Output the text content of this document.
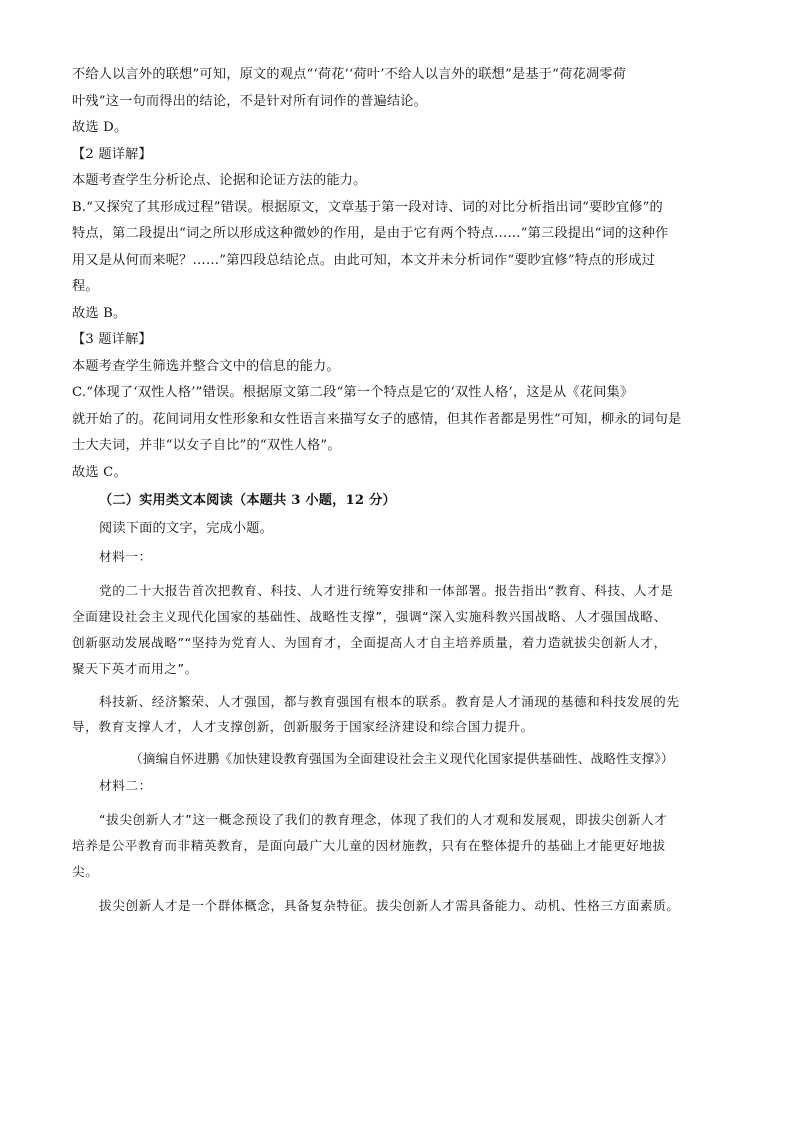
不给人以言外的联想”可知，原文的观点“‘荷花’‘荷叶’不给人以言外的联想”是基于“荷花凋零荷

叶残”这一句而得出的结论，不是针对所有词作的普遍结论。

故选 D。

【2 题详解】

本题考查学生分析论点、论据和论证方法的能力。

B.“又探究了其形成过程”错误。根据原文，文章基于第一段对诗、词的对比分析指出词“要眇宜修”的

特点，第二段提出“词之所以形成这种微妙的作用，是由于它有两个特点……”第三段提出“词的这种作

用又是从何而来呢？……”第四段总结论点。由此可知，本文并未分析词作“要眇宜修”特点的形成过

程。

故选 B。

【3 题详解】

本题考查学生筛选并整合文中的信息的能力。

C.“体现了‘双性人格’”错误。根据原文第二段“第一个特点是它的‘双性人格’，这是从《花间集》

就开始了的。花间词用女性形象和女性语言来描写女子的感情，但其作者都是男性”可知，柳永的词句是

士大夫词，并非“以女子自比”的“双性人格”。

故选 C。

（二）实用类文本阅读（本题共 3 小题，12 分）

阅读下面的文字，完成小题。

材料一：

党的二十大报告首次把教育、科技、人才进行统筹安排和一体部署。报告指出“教育、科技、人才是

全面建设社会主义现代化国家的基础性、战略性支撑”，强调“深入实施科教兴国战略、人才强国战略、

创新驱动发展战略”“坚持为党育人、为国育才，全面提高人才自主培养质量，着力造就拔尖创新人才，

聚天下英才而用之”。

科技新、经济繁荣、人才强国，都与教育强国有根本的联系。教育是人才涌现的基德和科技发展的先

导，教育支撑人才，人才支撑创新，创新服务于国家经济建设和综合国力提升。

（摘编自怀进鹏《加快建设教育强国为全面建设社会主义现代化国家提供基础性、战略性支撑》）

材料二：

“拔尖创新人才”这一概念预设了我们的教育理念，体现了我们的人才观和发展观，即拔尖创新人才

培养是公平教育而非精英教育，是面向最广大儿童的因材施教，只有在整体提升的基础上才能更好地拔

尖。

拔尖创新人才是一个群体概念，具备复杂特征。拔尖创新人才需具备能力、动机、性格三方面素质。
